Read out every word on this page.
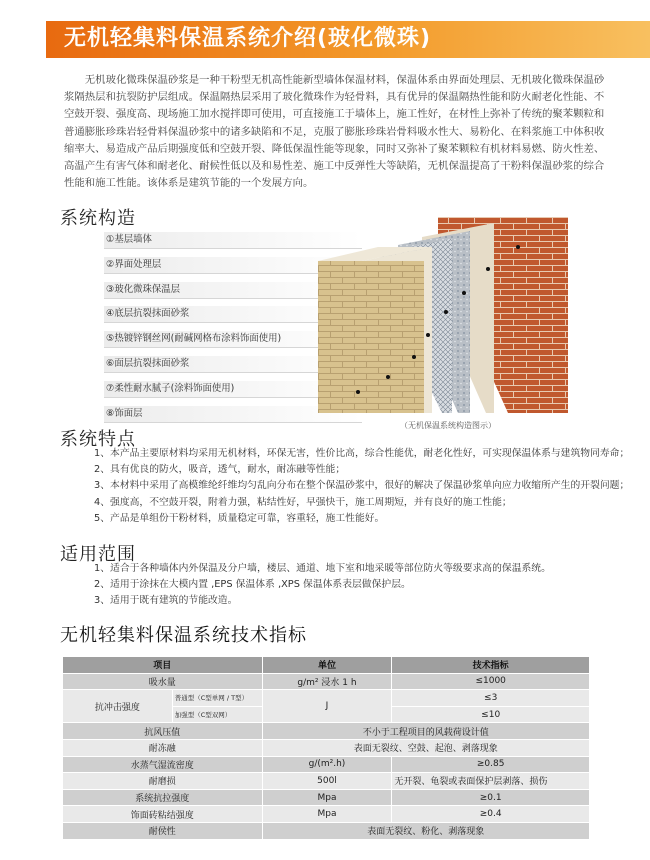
无机轻集料保温系统介绍(玻化微珠)

无机玻化微珠保温砂浆是一种干粉型无机高性能新型墙体保温材料，保温体系由界面处理层、无机玻化微珠保温砂浆隔热层和抗裂防护层组成。保温隔热层采用了玻化微珠作为轻骨料，具有优异的保温隔热性能和防火耐老化性能、不空鼓开裂、强度高、现场施工加水搅拌即可使用，可直接施工于墙体上，施工性好，在材性上弥补了传统的聚苯颗粒和普通膨胀珍珠岩轻骨料保温砂浆中的诸多缺陷和不足，克服了膨胀珍珠岩骨料吸水性大、易粉化、在料浆施工中体积收缩率大、易造成产品后期强度低和空鼓开裂、降低保温性能等现象，同时又弥补了聚苯颗粒有机材料易燃、防火性差、高温产生有害气体和耐老化、耐候性低以及和易性差、施工中反弹性大等缺陷，无机保温提高了干粉料保温砂浆的综合性能和施工性能。该体系是建筑节能的一个发展方向。

系统构造
①基层墙体
②界面处理层
③玻化微珠保温层
④底层抗裂抹面砂浆
⑤热镀锌钢丝网(耐碱网格布涂料饰面使用)
⑥面层抗裂抹面砂浆
⑦柔性耐水腻子(涂料饰面使用)
⑧饰面层
（无机保温系统构造图示）
系统特点
1、本产品主要原材料均采用无机材料，环保无害，性价比高，综合性能优，耐老化性好，可实现保温体系与建筑物同寿命；
2、具有优良的防火，吸音，透气，耐水，耐冻融等性能；
3、本材料中采用了高模维纶纤维均匀乱向分布在整个保温砂浆中，很好的解决了保温砂浆单向应力收缩所产生的开裂问题；
4、强度高，不空鼓开裂，附着力强，粘结性好，早强快干，施工周期短，并有良好的施工性能；
5、产品是单组份干粉材料，质量稳定可靠，容重轻，施工性能好。
适用范围
1、适合于各种墙体内外保温及分户墙，楼层、通道、地下室和地采暖等部位防火等级要求高的保温系统。
2、适用于涂抹在大模内置 ,EPS 保温体系 ,XPS 保温体系表层做保护层。
3、适用于既有建筑的节能改造。
无机轻集料保温系统技术指标
项目		单位	技术指标
吸水量		g/m² 浸水 1 h	≤1000
抗冲击强度	普通型（C型单网 / T型）	J	≤3
	加强型（C型双网）		≤10
抗风压值		不小于工程项目的风载荷设计值	
耐冻融		表面无裂纹、空鼓、起泡、剥落现象	
水蒸气湿流密度		g/(m².h)	≥0.85
耐磨损		500l	无开裂、龟裂或表面保护层剥落、损伤
系统抗拉强度		Mpa	≥0.1
饰面砖粘结强度		Mpa	≥0.4
耐侯性		表面无裂纹、粉化、剥落现象	
